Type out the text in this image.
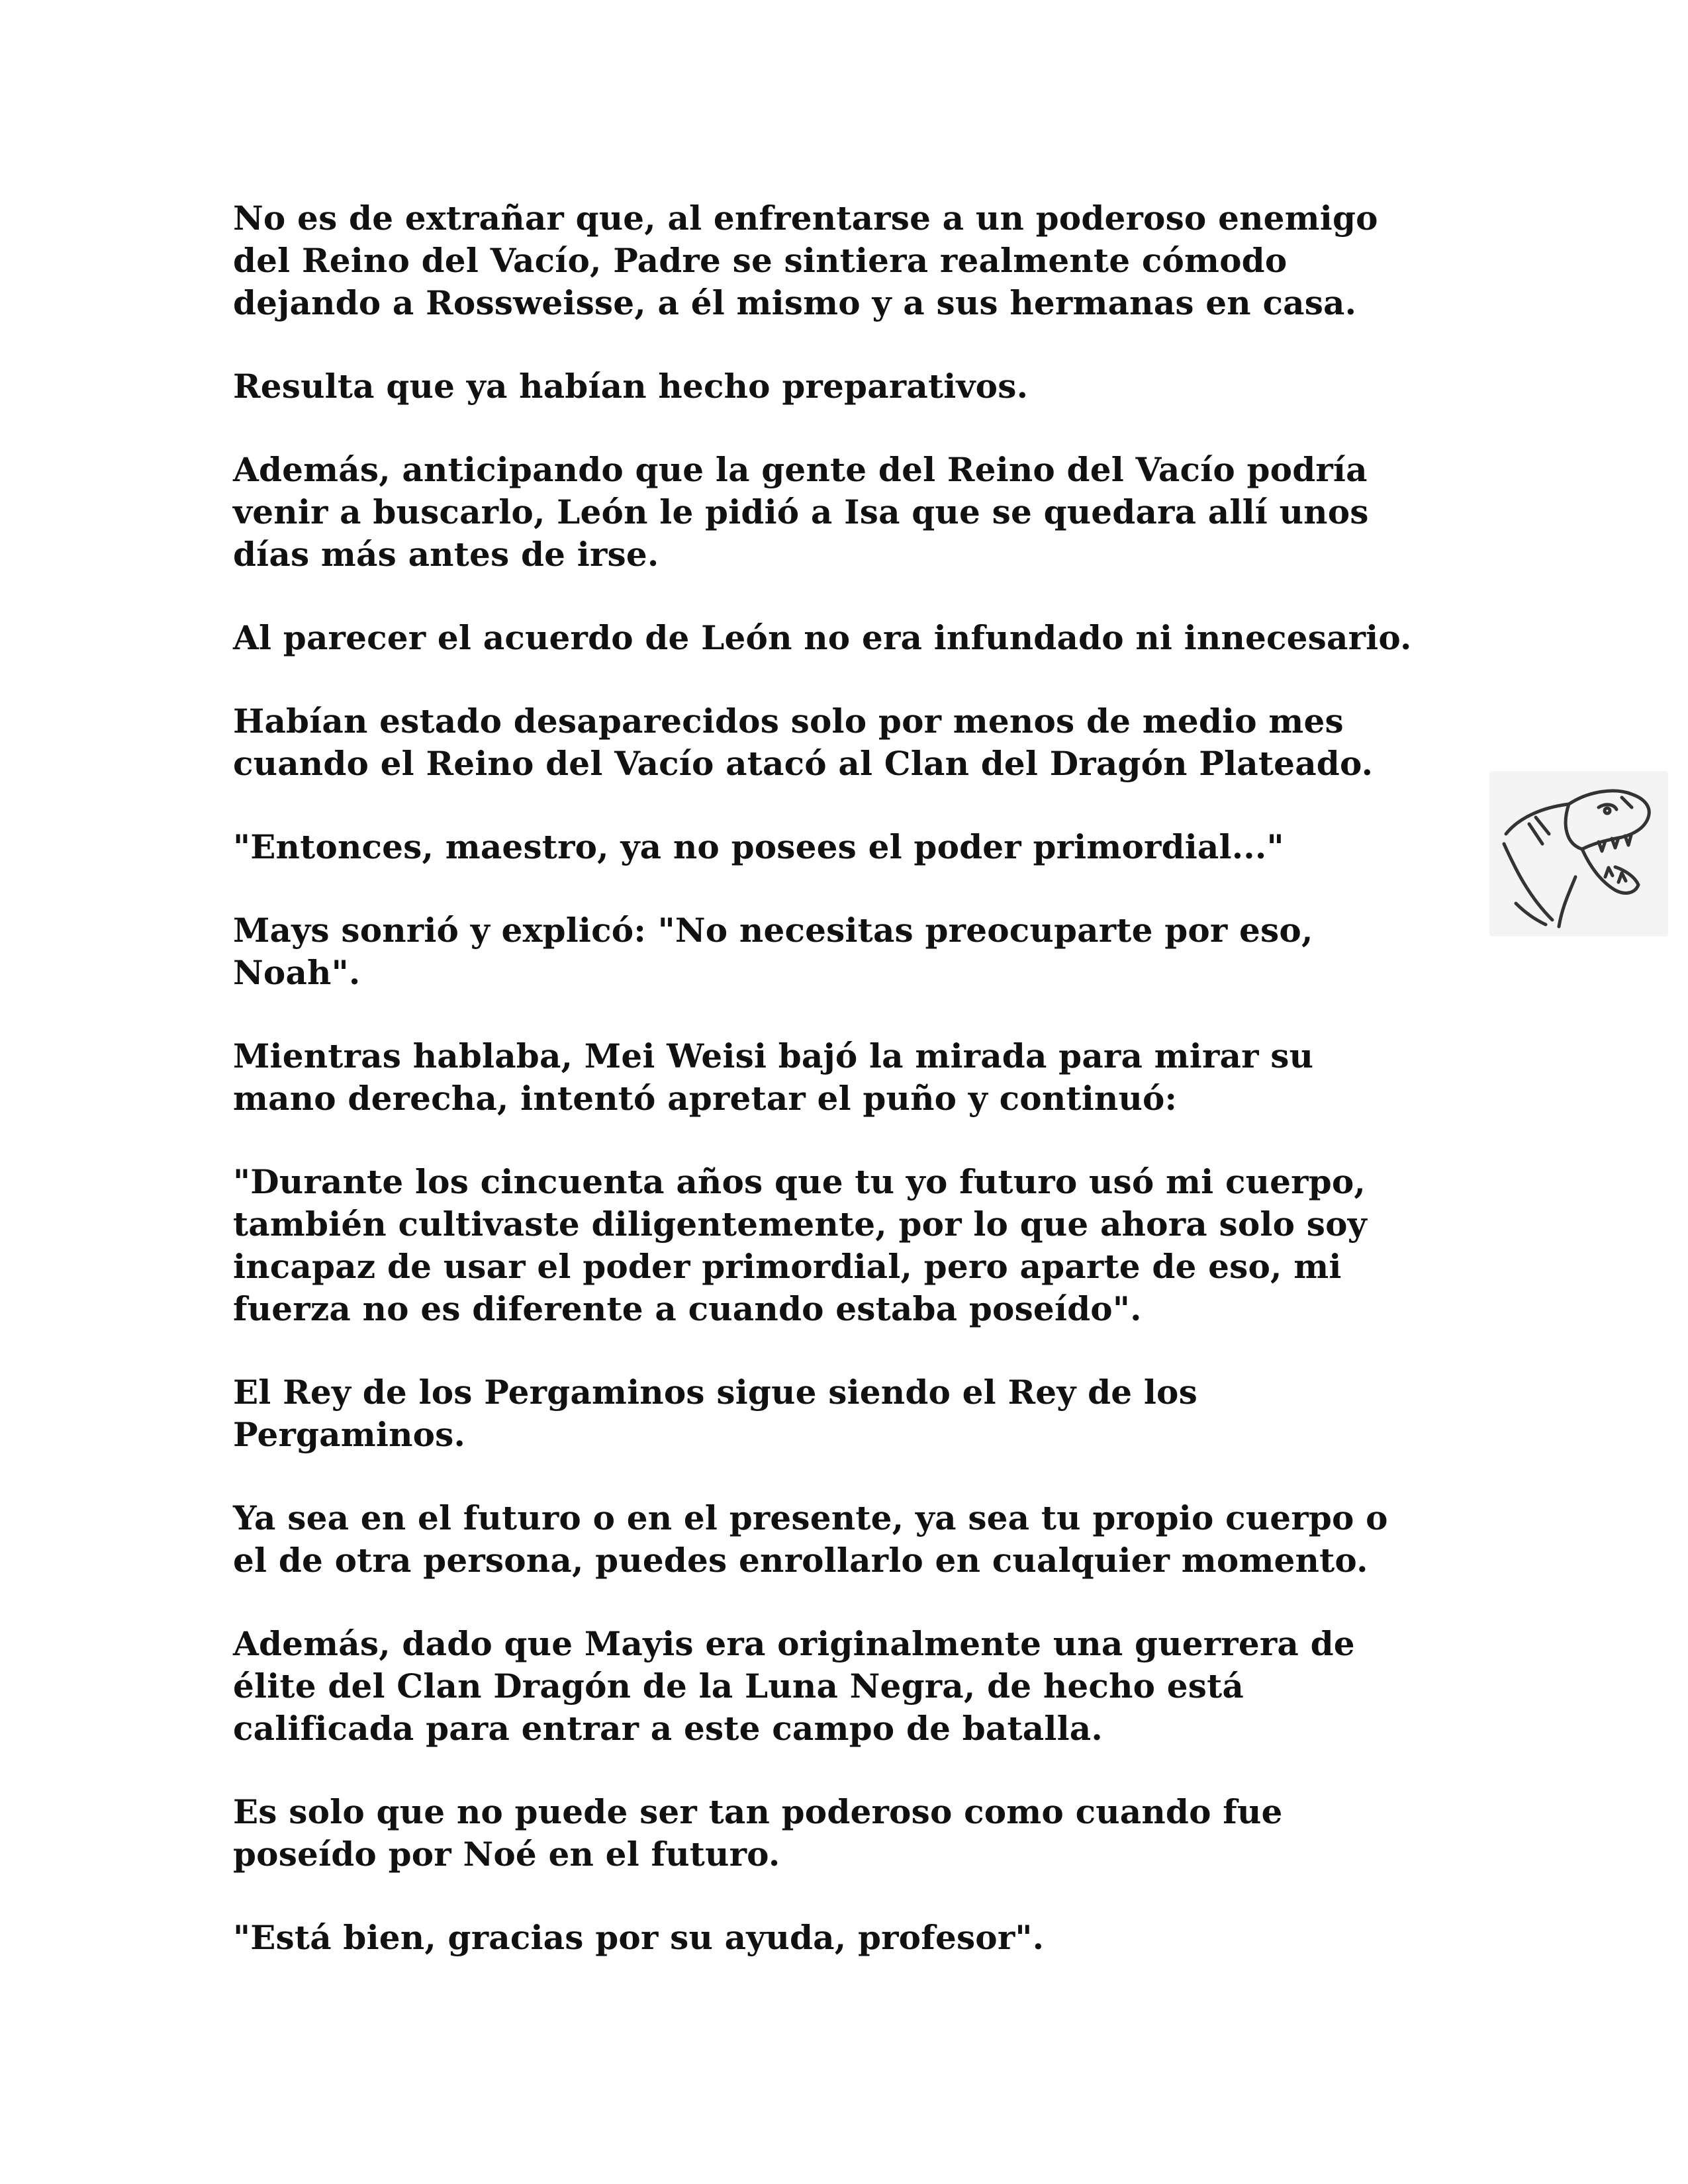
No es de extrañar que, al enfrentarse a un poderoso enemigo
del Reino del Vacío, Padre se sintiera realmente cómodo
dejando a Rossweisse, a él mismo y a sus hermanas en casa.

Resulta que ya habían hecho preparativos.

Además, anticipando que la gente del Reino del Vacío podría
venir a buscarlo, León le pidió a Isa que se quedara allí unos
días más antes de irse.

Al parecer el acuerdo de León no era infundado ni innecesario.

Habían estado desaparecidos solo por menos de medio mes
cuando el Reino del Vacío atacó al Clan del Dragón Plateado.

"Entonces, maestro, ya no posees el poder primordial..."

Mays sonrió y explicó: "No necesitas preocuparte por eso,
Noah".

Mientras hablaba, Mei Weisi bajó la mirada para mirar su
mano derecha, intentó apretar el puño y continuó:

"Durante los cincuenta años que tu yo futuro usó mi cuerpo,
también cultivaste diligentemente, por lo que ahora solo soy
incapaz de usar el poder primordial, pero aparte de eso, mi
fuerza no es diferente a cuando estaba poseído".

El Rey de los Pergaminos sigue siendo el Rey de los
Pergaminos.

Ya sea en el futuro o en el presente, ya sea tu propio cuerpo o
el de otra persona, puedes enrollarlo en cualquier momento.

Además, dado que Mayis era originalmente una guerrera de
élite del Clan Dragón de la Luna Negra, de hecho está
calificada para entrar a este campo de batalla.

Es solo que no puede ser tan poderoso como cuando fue
poseído por Noé en el futuro.

"Está bien, gracias por su ayuda, profesor".
